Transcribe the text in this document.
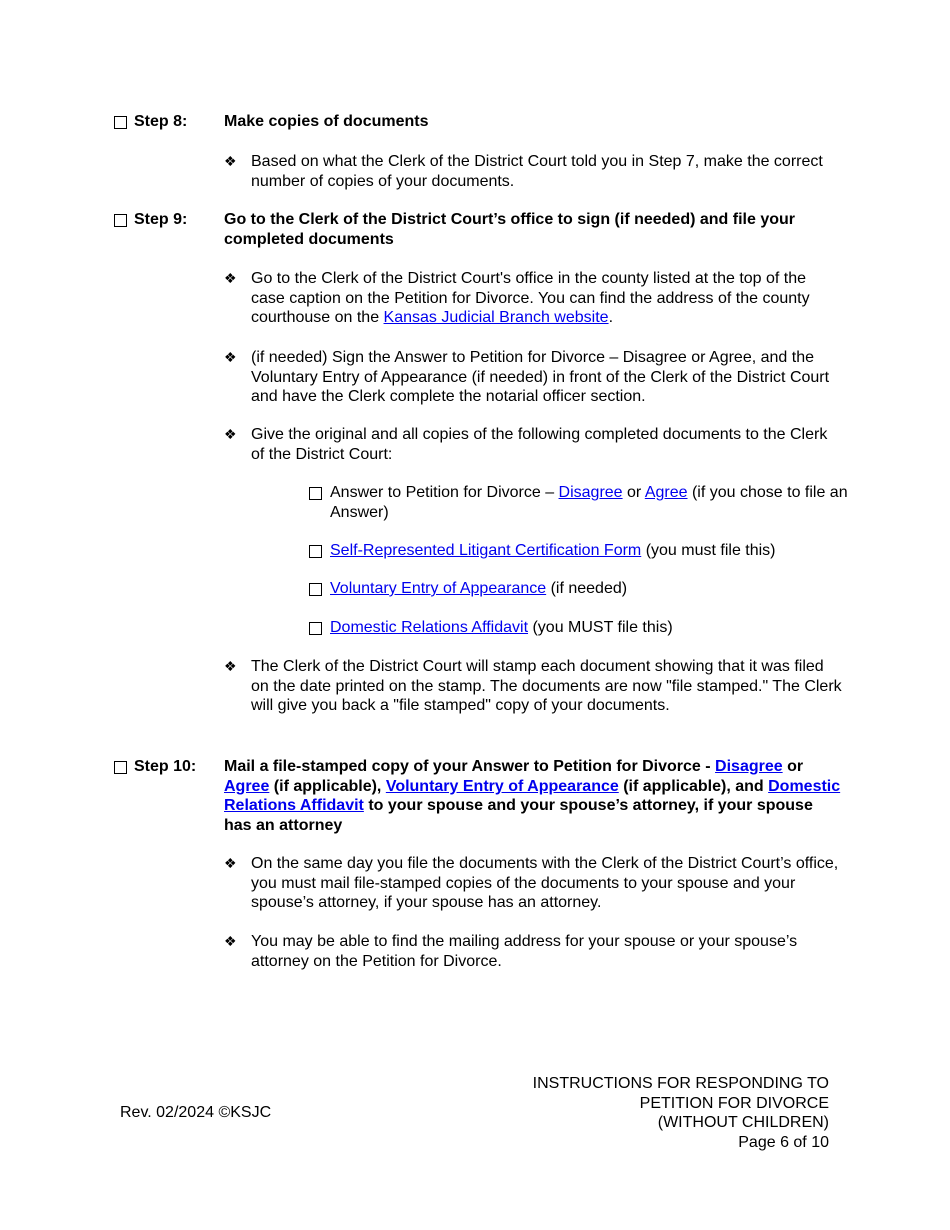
Step 8: Make copies of documents
❖ Based on what the Clerk of the District Court told you in Step 7, make the correct number of copies of your documents.
Step 9: Go to the Clerk of the District Court’s office to sign (if needed) and file your completed documents
❖ Go to the Clerk of the District Court's office in the county listed at the top of the case caption on the Petition for Divorce. You can find the address of the county courthouse on the Kansas Judicial Branch website.
❖ (if needed) Sign the Answer to Petition for Divorce – Disagree or Agree, and the Voluntary Entry of Appearance (if needed) in front of the Clerk of the District Court and have the Clerk complete the notarial officer section.
❖ Give the original and all copies of the following completed documents to the Clerk of the District Court:
Answer to Petition for Divorce – Disagree or Agree (if you chose to file an Answer)
Self-Represented Litigant Certification Form (you must file this)
Voluntary Entry of Appearance (if needed)
Domestic Relations Affidavit (you MUST file this)
❖ The Clerk of the District Court will stamp each document showing that it was filed on the date printed on the stamp. The documents are now "file stamped." The Clerk will give you back a "file stamped" copy of your documents.
Step 10: Mail a file-stamped copy of your Answer to Petition for Divorce - Disagree or Agree (if applicable), Voluntary Entry of Appearance (if applicable), and Domestic Relations Affidavit to your spouse and your spouse’s attorney, if your spouse has an attorney
❖ On the same day you file the documents with the Clerk of the District Court’s office, you must mail file-stamped copies of the documents to your spouse and your spouse’s attorney, if your spouse has an attorney.
❖ You may be able to find the mailing address for your spouse or your spouse’s attorney on the Petition for Divorce.
Rev. 02/2024 ©KSJC
INSTRUCTIONS FOR RESPONDING TO
PETITION FOR DIVORCE
(WITHOUT CHILDREN)
Page 6 of 10
